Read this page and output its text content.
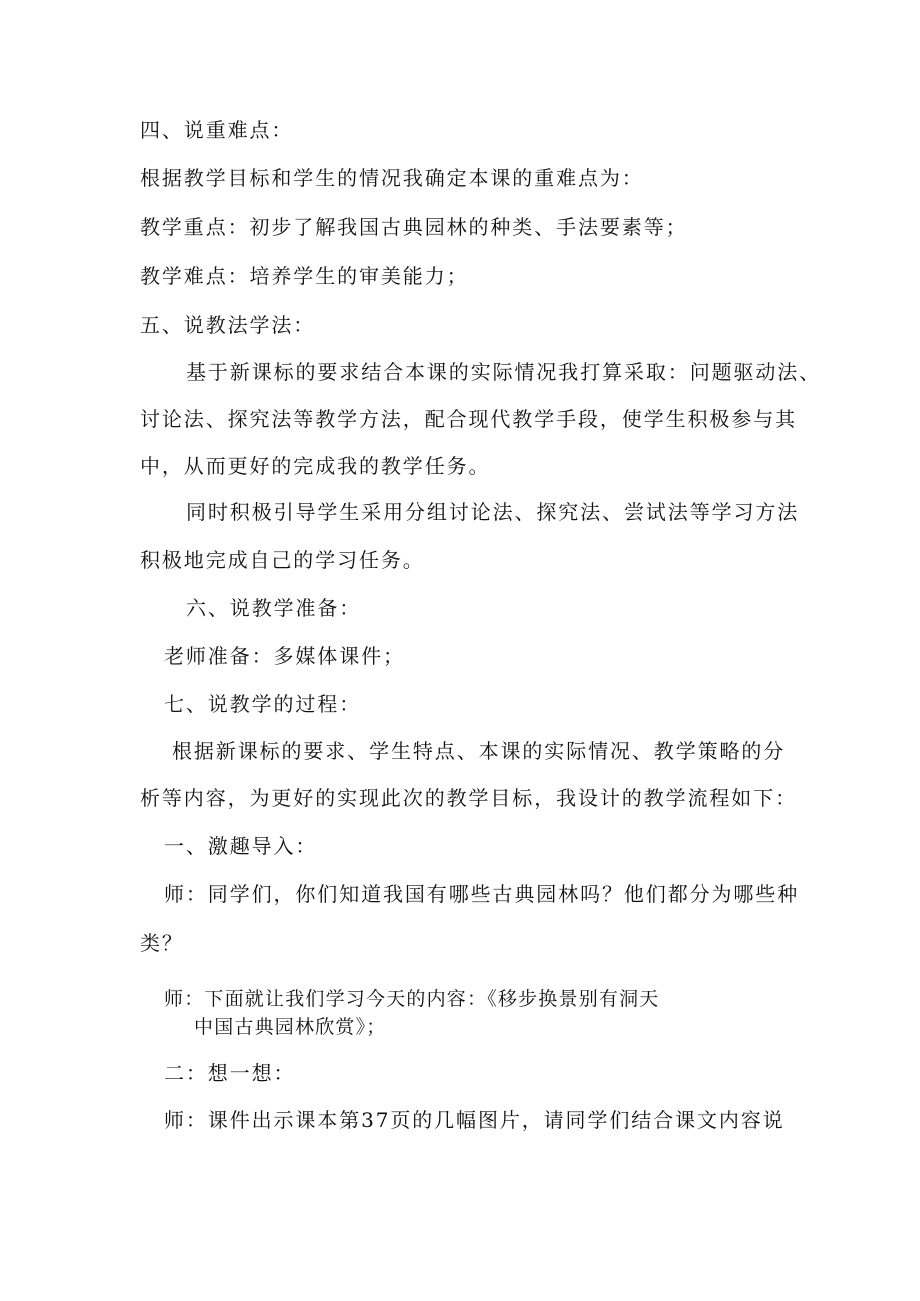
四、说重难点：

根据教学目标和学生的情况我确定本课的重难点为：

教学重点：初步了解我国古典园林的种类、手法要素等；

教学难点：培养学生的审美能力；

五、说教法学法：

基于新课标的要求结合本课的实际情况我打算采取：问题驱动法、

讨论法、探究法等教学方法，配合现代教学手段，使学生积极参与其

中，从而更好的完成我的教学任务。

同时积极引导学生采用分组讨论法、探究法、尝试法等学习方法

积极地完成自己的学习任务。

六、说教学准备：

老师准备：多媒体课件；

七、说教学的过程：

根据新课标的要求、学生特点、本课的实际情况、教学策略的分

析等内容，为更好的实现此次的教学目标，我设计的教学流程如下：

一、激趣导入：

师：同学们，你们知道我国有哪些古典园林吗？他们都分为哪些种

类？

师：下面就让我们学习今天的内容：《移步换景别有洞天

中国古典园林欣赏》；

二：想一想：

师：课件出示课本第37页的几幅图片，请同学们结合课文内容说
